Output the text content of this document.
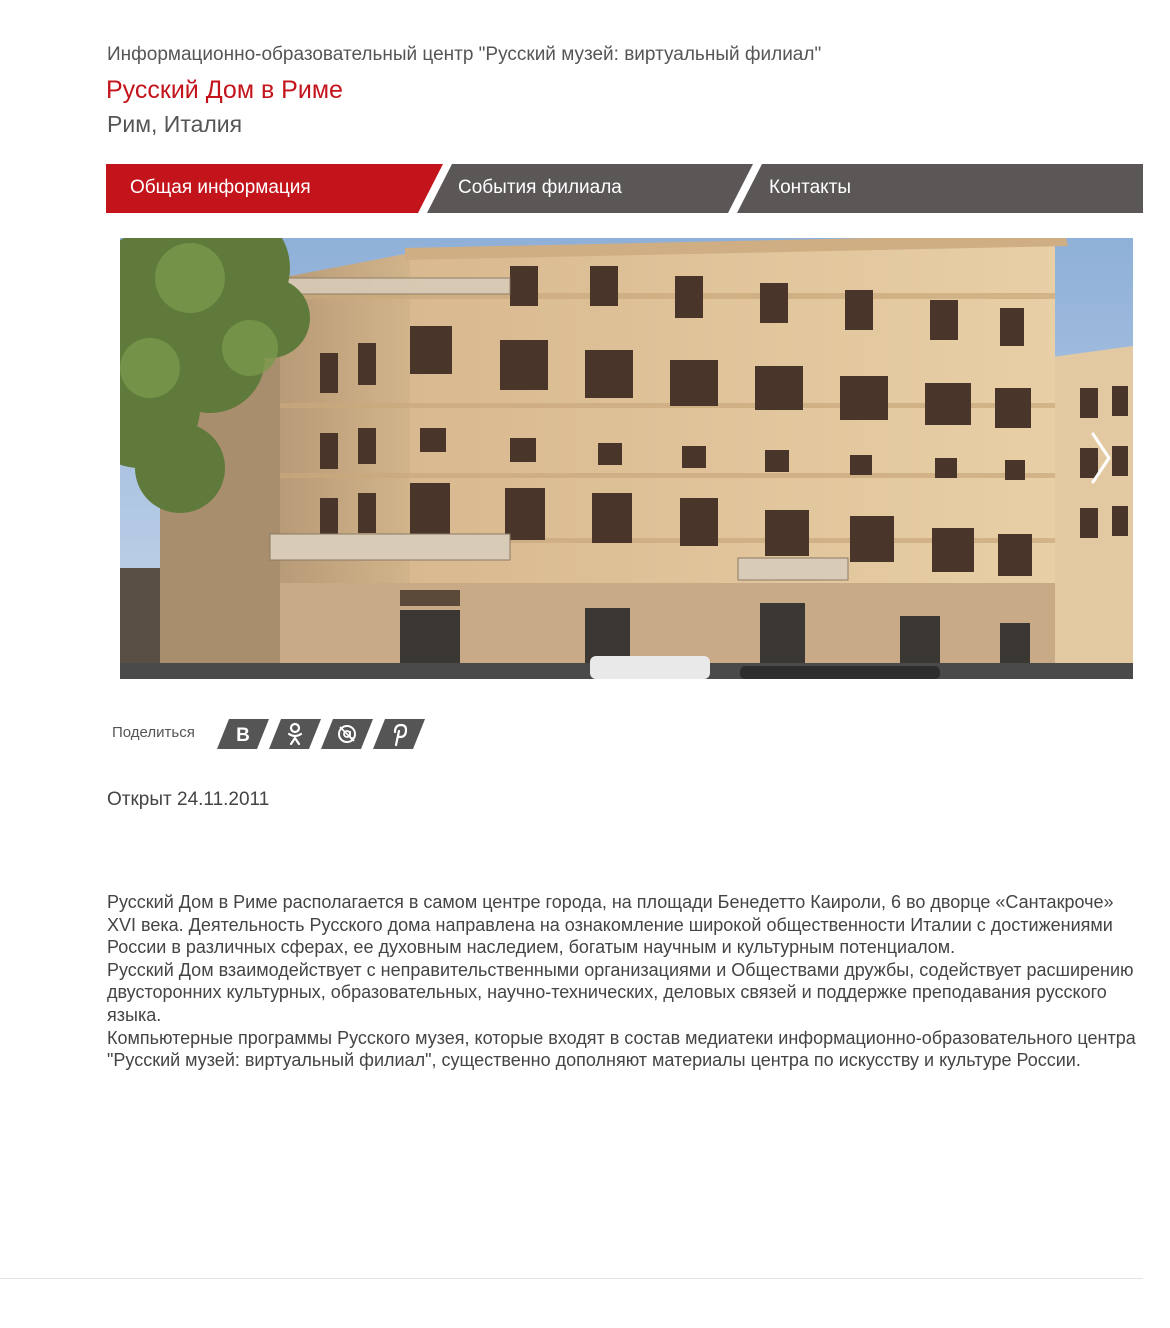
Информационно-образовательный центр "Русский музей: виртуальный филиал"
Русский Дом в Риме
Рим, Италия
Общая информация	События филиала	Контакты
Поделиться B
Открыт 24.11.2011

Русский Дом в Риме располагается в самом центре города, на площади Бенедетто Каироли, 6 во дворце «Сантакроче» XVI века. Деятельность Русского дома направлена на ознакомление широкой общественности Италии с достижениями России в различных сферах, ее духовным наследием, богатым научным и культурным потенциалом.

Русский Дом взаимодействует с неправительственными организациями и Обществами дружбы, содействует расширению двусторонних культурных, образовательных, научно-технических, деловых связей и поддержке преподавания русского языка.

Компьютерные программы Русского музея, которые входят в состав медиатеки информационно-образовательного центра "Русский музей: виртуальный филиал", существенно дополняют материалы центра по искусству и культуре России.
